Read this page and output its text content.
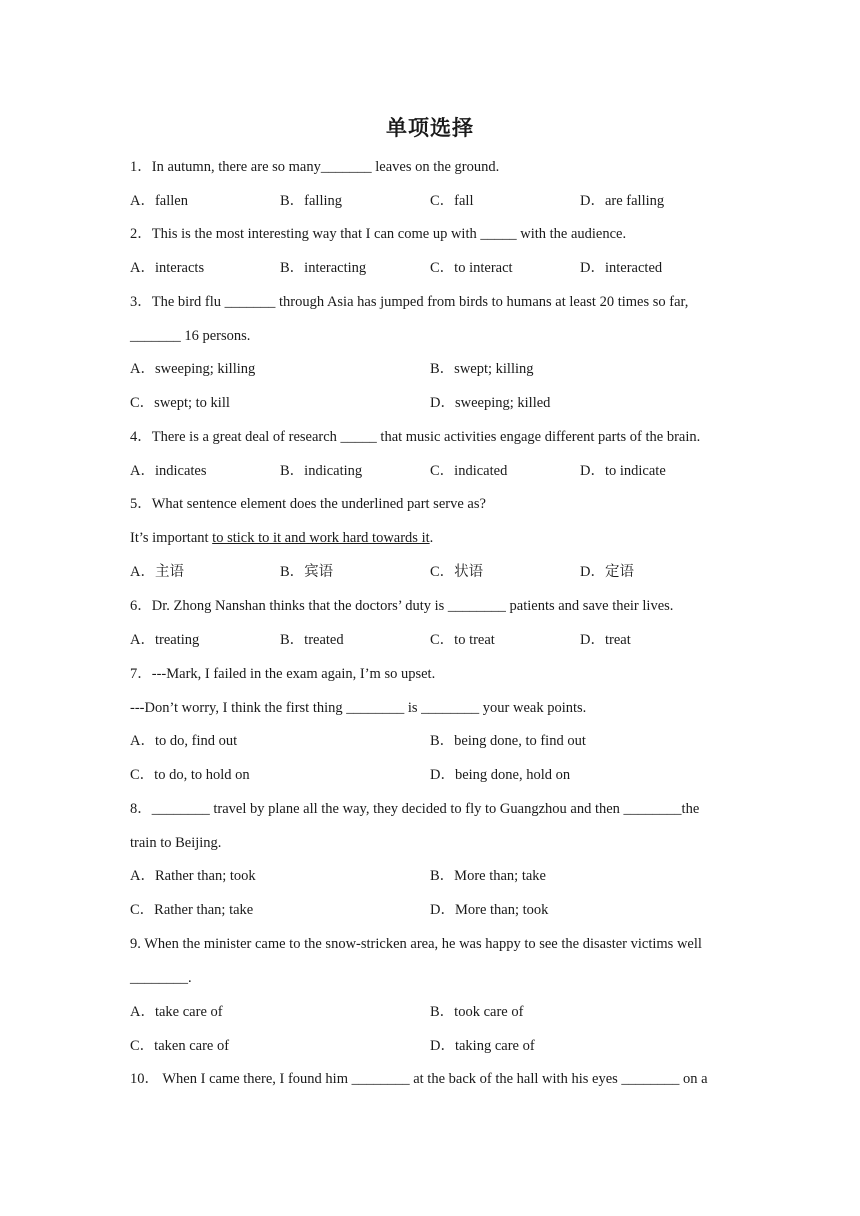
单项选择
1．In autumn, there are so many_______ leaves on the ground.
A．fallen	B．falling	C．fall	D．are falling
2．This is the most interesting way that I can come up with _____ with the audience.
A．interacts	B．interacting	C．to interact	D．interacted
3．The bird flu _______ through Asia has jumped from birds to humans at least 20 times so far,
_______ 16 persons.
A．sweeping; killing	B．swept; killing
C．swept; to kill	D．sweeping; killed
4．There is a great deal of research _____ that music activities engage different parts of the brain.
A．indicates	B．indicating	C．indicated	D．to indicate
5．What sentence element does the underlined part serve as?
It’s important to stick to it and work hard towards it.
A．主语	B．宾语	C．状语	D．定语
6．Dr. Zhong Nanshan thinks that the doctors’ duty is ________ patients and save their lives.
A．treating	B．treated	C．to treat	D．treat
7．---Mark, I failed in the exam again, I’m so upset.
---Don’t worry, I think the first thing ________ is ________ your weak points.
A．to do, find out	B．being done, to find out
C．to do, to hold on	D．being done, hold on
8．________ travel by plane all the way, they decided to fly to Guangzhou and then ________the
train to Beijing.
A．Rather than; took	B．More than; take
C．Rather than; take	D．More than; took
9. When the minister came to the snow-stricken area, he was happy to see the disaster victims well
________.
A．take care of	B．took care of
C．taken care of	D．taking care of
10． When I came there, I found him ________ at the back of the hall with his eyes ________ on a
